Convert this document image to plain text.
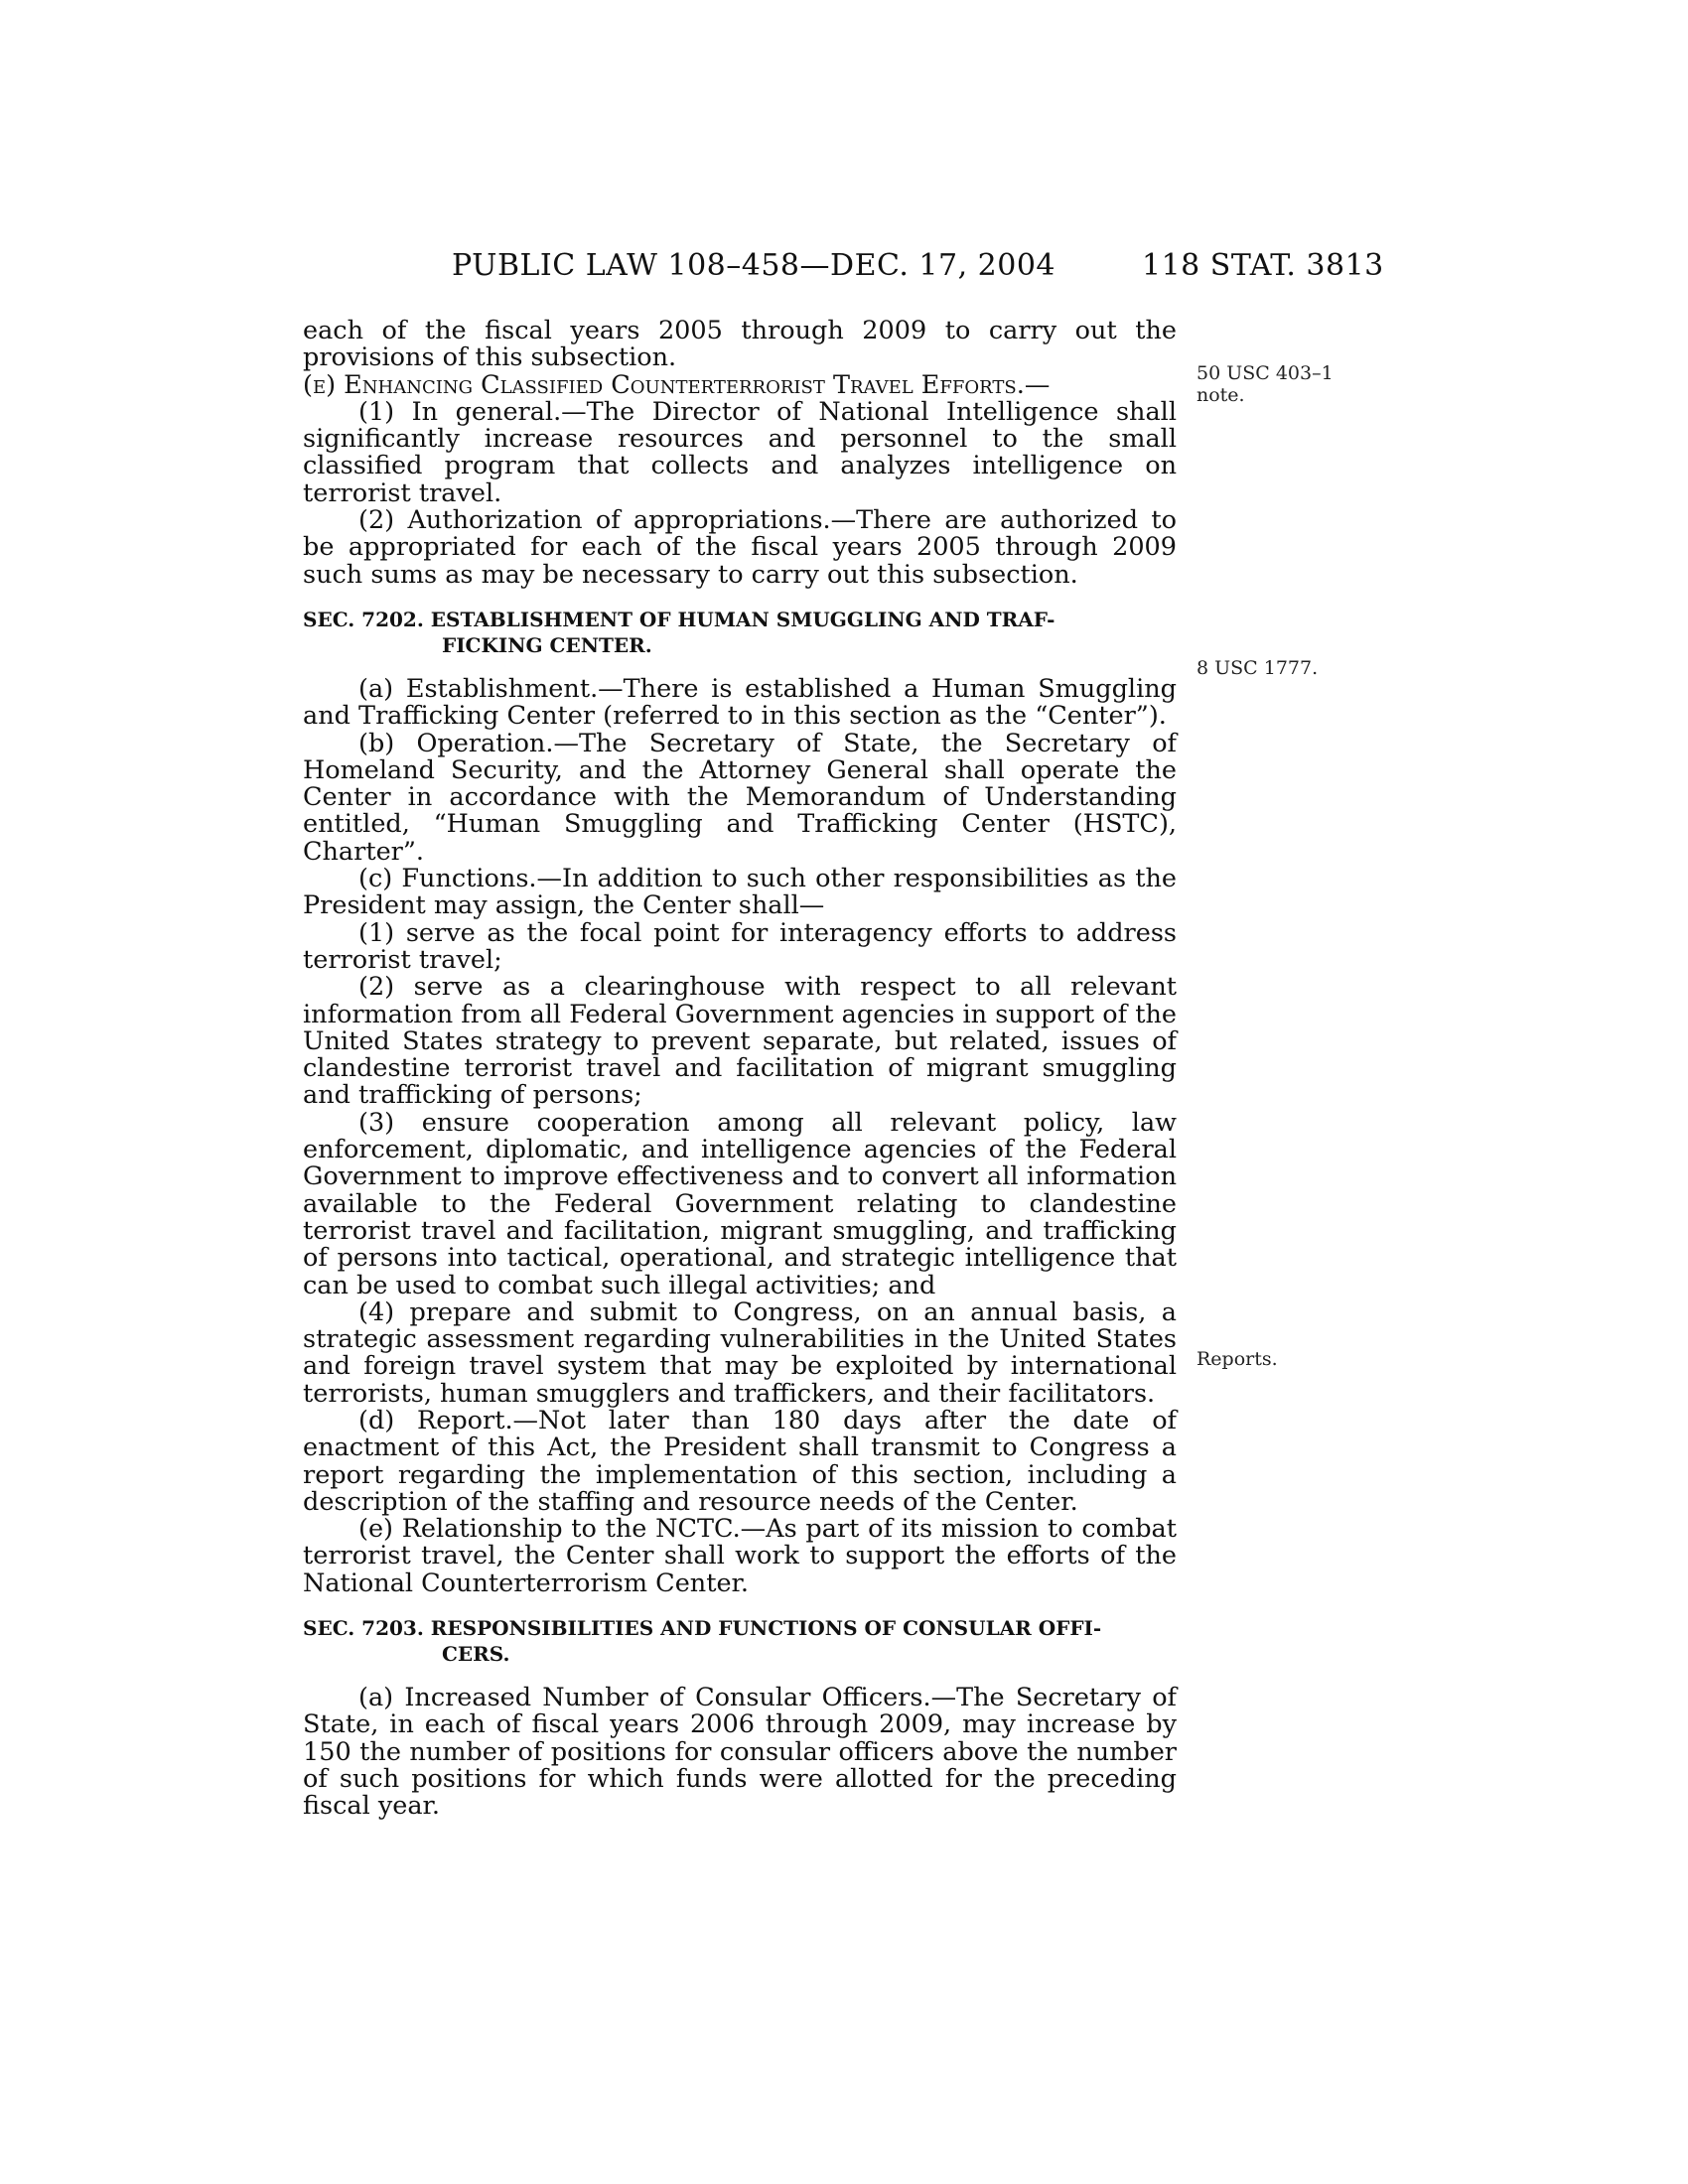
PUBLIC LAW 108–458—DEC. 17, 2004	118 STAT. 3813
50 USC 403–1
note.
8 USC 1777.
Reports.

each of the fiscal years 2005 through 2009 to carry out the provisions of this subsection.

(e) Enhancing Classified Counterterrorist Travel Efforts.—

(1) In general.—The Director of National Intelligence shall significantly increase resources and personnel to the small classified program that collects and analyzes intelligence on terrorist travel.

(2) Authorization of appropriations.—There are authorized to be appropriated for each of the fiscal years 2005 through 2009 such sums as may be necessary to carry out this subsection.

SEC. 7202. ESTABLISHMENT OF HUMAN SMUGGLING AND TRAF-
FICKING CENTER.

(a) Establishment.—There is established a Human Smuggling and Trafficking Center (referred to in this section as the “Center”).

(b) Operation.—The Secretary of State, the Secretary of Homeland Security, and the Attorney General shall operate the Center in accordance with the Memorandum of Understanding entitled, “Human Smuggling and Trafficking Center (HSTC), Charter”.

(c) Functions.—In addition to such other responsibilities as the President may assign, the Center shall—

(1) serve as the focal point for interagency efforts to address terrorist travel;

(2) serve as a clearinghouse with respect to all relevant information from all Federal Government agencies in support of the United States strategy to prevent separate, but related, issues of clandestine terrorist travel and facilitation of migrant smuggling and trafficking of persons;

(3) ensure cooperation among all relevant policy, law enforcement, diplomatic, and intelligence agencies of the Federal Government to improve effectiveness and to convert all information available to the Federal Government relating to clandestine terrorist travel and facilitation, migrant smuggling, and trafficking of persons into tactical, operational, and strategic intelligence that can be used to combat such illegal activities; and

(4) prepare and submit to Congress, on an annual basis, a strategic assessment regarding vulnerabilities in the United States and foreign travel system that may be exploited by international terrorists, human smugglers and traffickers, and their facilitators.

(d) Report.—Not later than 180 days after the date of enactment of this Act, the President shall transmit to Congress a report regarding the implementation of this section, including a description of the staffing and resource needs of the Center.

(e) Relationship to the NCTC.—As part of its mission to combat terrorist travel, the Center shall work to support the efforts of the National Counterterrorism Center.

SEC. 7203. RESPONSIBILITIES AND FUNCTIONS OF CONSULAR OFFI-
CERS.

(a) Increased Number of Consular Officers.—The Secretary of State, in each of fiscal years 2006 through 2009, may increase by 150 the number of positions for consular officers above the number of such positions for which funds were allotted for the preceding fiscal year.
